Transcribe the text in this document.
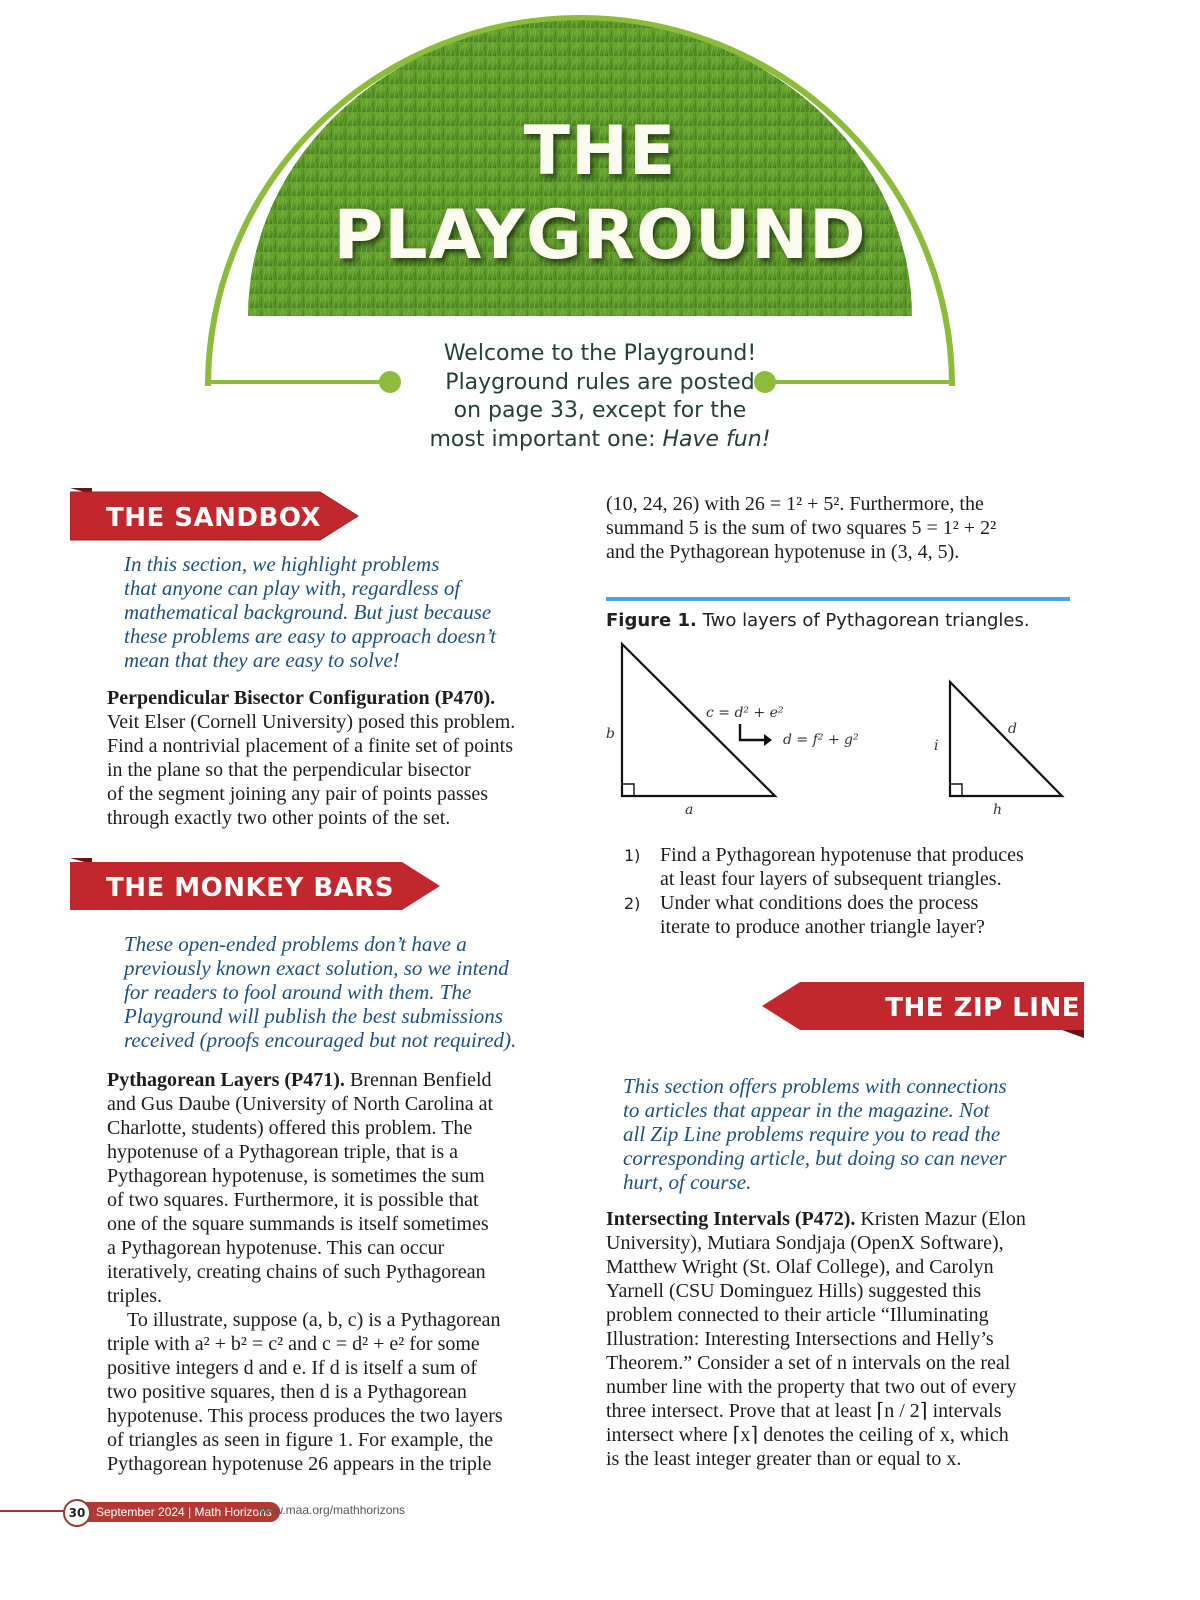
THE
PLAYGROUND
Welcome to the Playground!
Playground rules are posted
on page 33, except for the
most important one: Have fun!
THE SANDBOX
In this section, we highlight problems
that anyone can play with, regardless of
mathematical background. But just because
these problems are easy to approach doesn’t
mean that they are easy to solve!
Perpendicular Bisector Configuration (P470).
Veit Elser (Cornell University) posed this problem.
Find a nontrivial placement of a finite set of points
in the plane so that the perpendicular bisector
of the segment joining any pair of points passes
through exactly two other points of the set.
THE MONKEY BARS
These open-ended problems don’t have a
previously known exact solution, so we intend
for readers to fool around with them. The
Playground will publish the best submissions
received (proofs encouraged but not required).
Pythagorean Layers (P471). Brennan Benfield
and Gus Daube (University of North Carolina at
Charlotte, students) offered this problem. The
hypotenuse of a Pythagorean triple, that is a
Pythagorean hypotenuse, is sometimes the sum
of two squares. Furthermore, it is possible that
one of the square summands is itself sometimes
a Pythagorean hypotenuse. This can occur
iteratively, creating chains of such Pythagorean
triples.
To illustrate, suppose (a, b, c) is a Pythagorean
triple with a² + b² = c² and c = d² + e² for some
positive integers d and e. If d is itself a sum of
two positive squares, then d is a Pythagorean
hypotenuse. This process produces the two layers
of triangles as seen in figure 1. For example, the
Pythagorean hypotenuse 26 appears in the triple
(10, 24, 26) with 26 = 1² + 5². Furthermore, the
summand 5 is the sum of two squares 5 = 1² + 2²
and the Pythagorean hypotenuse in (3, 4, 5).
Figure 1. Two layers of Pythagorean triangles.
b
a
c = d² + e²
d = f² + g²	i
d
h
1) Find a Pythagorean hypotenuse that produces
at least four layers of subsequent triangles.
2) Under what conditions does the process
iterate to produce another triangle layer?
THE ZIP LINE
This section offers problems with connections
to articles that appear in the magazine. Not
all Zip Line problems require you to read the
corresponding article, but doing so can never
hurt, of course.
Intersecting Intervals (P472). Kristen Mazur (Elon
University), Mutiara Sondjaja (OpenX Software),
Matthew Wright (St. Olaf College), and Carolyn
Yarnell (CSU Dominguez Hills) suggested this
problem connected to their article “Illuminating
Illustration: Interesting Intersections and Helly’s
Theorem.” Consider a set of n intervals on the real
number line with the property that two out of every
three intersect. Prove that at least ⌈n / 2⌉ intervals
intersect where ⌈x⌉ denotes the ceiling of x, which
is the least integer greater than or equal to x.
September 2024 | Math Horizons
30	www.maa.org/mathhorizons
